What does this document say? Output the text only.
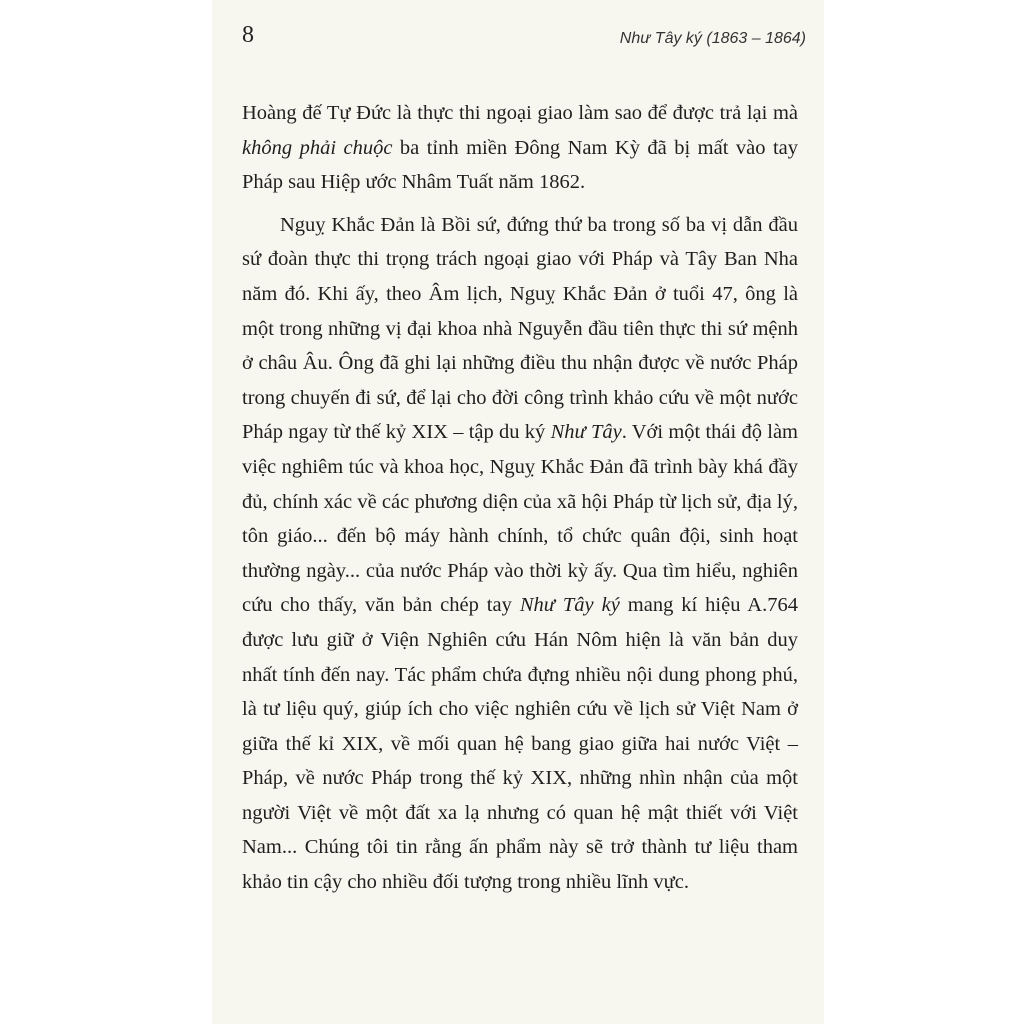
8	Như Tây ký (1863 – 1864)

Hoàng đế Tự Đức là thực thi ngoại giao làm sao để được trả lại mà không phải chuộc ba tỉnh miền Đông Nam Kỳ đã bị mất vào tay Pháp sau Hiệp ước Nhâm Tuất năm 1862.

Nguỵ Khắc Đản là Bồi sứ, đứng thứ ba trong số ba vị dẫn đầu sứ đoàn thực thi trọng trách ngoại giao với Pháp và Tây Ban Nha năm đó. Khi ấy, theo Âm lịch, Nguỵ Khắc Đản ở tuổi 47, ông là một trong những vị đại khoa nhà Nguyễn đầu tiên thực thi sứ mệnh ở châu Âu. Ông đã ghi lại những điều thu nhận được về nước Pháp trong chuyến đi sứ, để lại cho đời công trình khảo cứu về một nước Pháp ngay từ thế kỷ XIX – tập du ký Như Tây. Với một thái độ làm việc nghiêm túc và khoa học, Nguỵ Khắc Đản đã trình bày khá đầy đủ, chính xác về các phương diện của xã hội Pháp từ lịch sử, địa lý, tôn giáo... đến bộ máy hành chính, tổ chức quân đội, sinh hoạt thường ngày... của nước Pháp vào thời kỳ ấy. Qua tìm hiểu, nghiên cứu cho thấy, văn bản chép tay Như Tây ký mang kí hiệu A.764 được lưu giữ ở Viện Nghiên cứu Hán Nôm hiện là văn bản duy nhất tính đến nay. Tác phẩm chứa đựng nhiều nội dung phong phú, là tư liệu quý, giúp ích cho việc nghiên cứu về lịch sử Việt Nam ở giữa thế kỉ XIX, về mối quan hệ bang giao giữa hai nước Việt – Pháp, về nước Pháp trong thế kỷ XIX, những nhìn nhận của một người Việt về một đất xa lạ nhưng có quan hệ mật thiết với Việt Nam... Chúng tôi tin rằng ấn phẩm này sẽ trở thành tư liệu tham khảo tin cậy cho nhiều đối tượng trong nhiều lĩnh vực.
